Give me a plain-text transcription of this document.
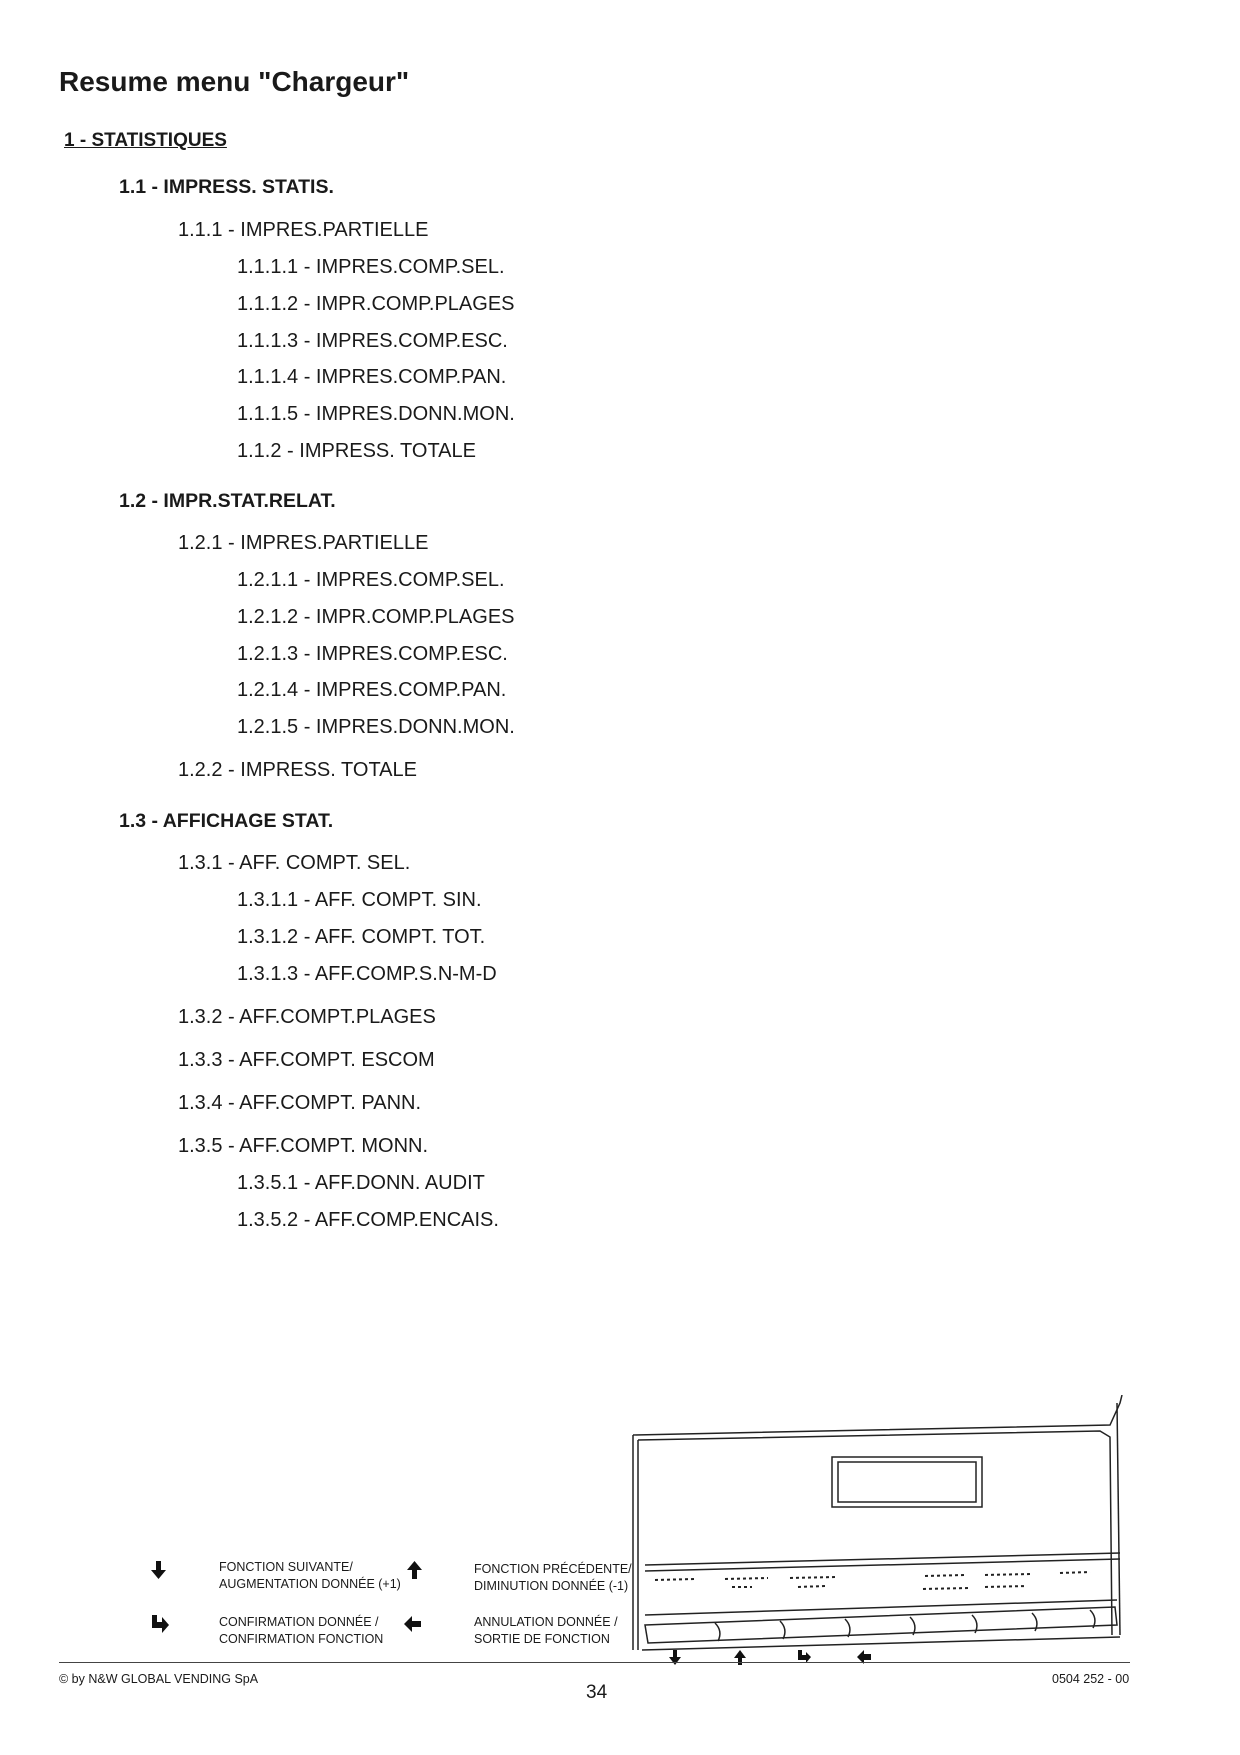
Resume menu "Chargeur"
1 - STATISTIQUES
1.1 - IMPRESS. STATIS.
1.1.1 - IMPRES.PARTIELLE
1.1.1.1 - IMPRES.COMP.SEL.
1.1.1.2 - IMPR.COMP.PLAGES
1.1.1.3 - IMPRES.COMP.ESC.
1.1.1.4 - IMPRES.COMP.PAN.
1.1.1.5 - IMPRES.DONN.MON.
1.1.2 - IMPRESS. TOTALE
1.2 - IMPR.STAT.RELAT.
1.2.1 - IMPRES.PARTIELLE
1.2.1.1 - IMPRES.COMP.SEL.
1.2.1.2 - IMPR.COMP.PLAGES
1.2.1.3 - IMPRES.COMP.ESC.
1.2.1.4 - IMPRES.COMP.PAN.
1.2.1.5 - IMPRES.DONN.MON.
1.2.2 - IMPRESS. TOTALE
1.3 - AFFICHAGE STAT.
1.3.1 - AFF. COMPT. SEL.
1.3.1.1 - AFF. COMPT. SIN.
1.3.1.2 - AFF. COMPT. TOT.
1.3.1.3 - AFF.COMP.S.N-M-D
1.3.2 - AFF.COMPT.PLAGES
1.3.3 - AFF.COMPT. ESCOM
1.3.4 - AFF.COMPT. PANN.
1.3.5 - AFF.COMPT. MONN.
1.3.5.1 - AFF.DONN. AUDIT
1.3.5.2 - AFF.COMP.ENCAIS.
FONCTION SUIVANTE/
AUGMENTATION DONNÉE (+1)
FONCTION PRÉCÉDENTE/
DIMINUTION DONNÉE (-1)
CONFIRMATION DONNÉE /
CONFIRMATION FONCTION
ANNULATION DONNÉE /
SORTIE DE FONCTION
© by N&W GLOBAL VENDING SpA
34
0504 252 - 00
